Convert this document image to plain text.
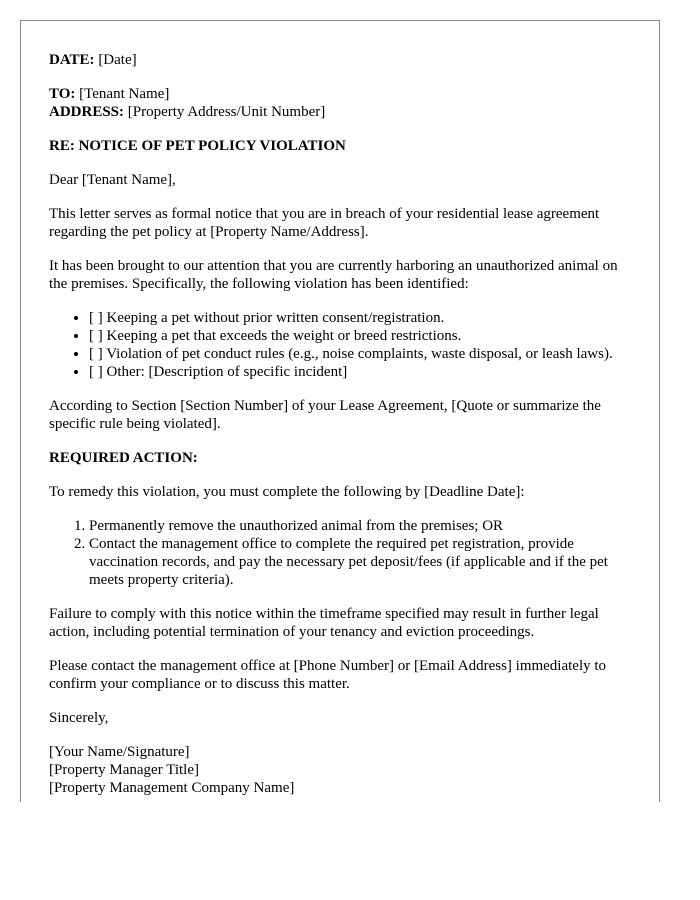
DATE: [Date]

TO: [Tenant Name]

ADDRESS: [Property Address/Unit Number]

RE: NOTICE OF PET POLICY VIOLATION

Dear [Tenant Name],

This letter serves as formal notice that you are in breach of your residential lease agreement regarding the pet policy at [Property Name/Address].

It has been brought to our attention that you are currently harboring an unauthorized animal on the premises. Specifically, the following violation has been identified:

• [ ] Keeping a pet without prior written consent/registration.
• [ ] Keeping a pet that exceeds the weight or breed restrictions.
• [ ] Violation of pet conduct rules (e.g., noise complaints, waste disposal, or leash laws).
• [ ] Other: [Description of specific incident]

According to Section [Section Number] of your Lease Agreement, [Quote or summarize the specific rule being violated].

REQUIRED ACTION:

To remedy this violation, you must complete the following by [Deadline Date]:

1. Permanently remove the unauthorized animal from the premises; OR
2. Contact the management office to complete the required pet registration, provide vaccination records, and pay the necessary pet deposit/fees (if applicable and if the pet meets property criteria).

Failure to comply with this notice within the timeframe specified may result in further legal action, including potential termination of your tenancy and eviction proceedings.

Please contact the management office at [Phone Number] or [Email Address] immediately to confirm your compliance or to discuss this matter.

Sincerely,

[Your Name/Signature]

[Property Manager Title]

[Property Management Company Name]
